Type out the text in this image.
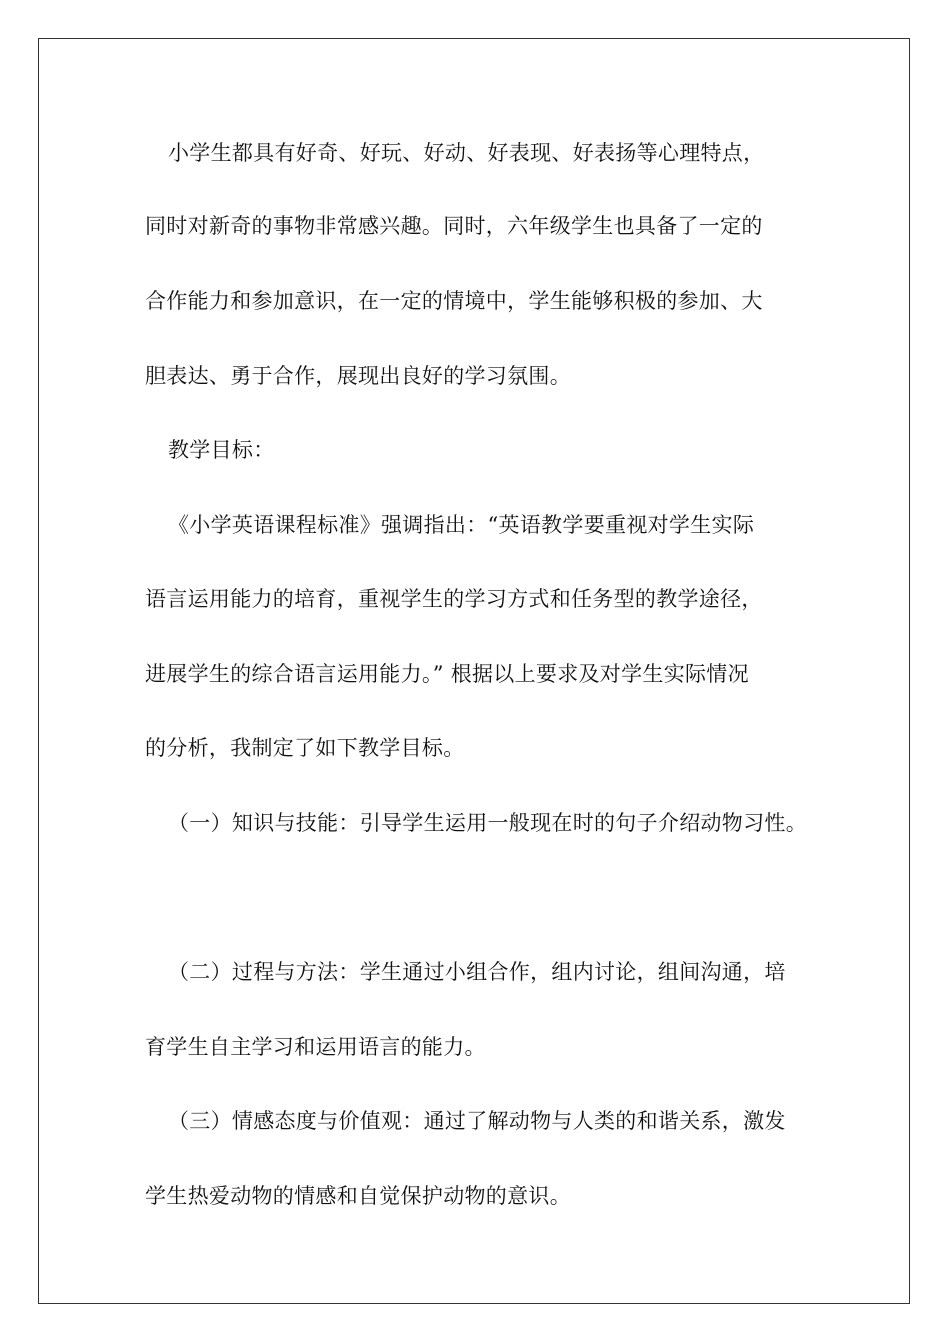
小学生都具有好奇、好玩、好动、好表现、好表扬等心理特点，
同时对新奇的事物非常感兴趣。同时，六年级学生也具备了一定的
合作能力和参加意识，在一定的情境中，学生能够积极的参加、大
胆表达、勇于合作，展现出良好的学习氛围。
教学目标：
《小学英语课程标准》强调指出：“英语教学要重视对学生实际
语言运用能力的培育，重视学生的学习方式和任务型的教学途径，
进展学生的综合语言运用能力。” 根据以上要求及对学生实际情况
的分析，我制定了如下教学目标。
（一）知识与技能：引导学生运用一般现在时的句子介绍动物习性。
（二）过程与方法：学生通过小组合作，组内讨论，组间沟通，培
育学生自主学习和运用语言的能力。
（三）情感态度与价值观：通过了解动物与人类的和谐关系，激发
学生热爱动物的情感和自觉保护动物的意识。
